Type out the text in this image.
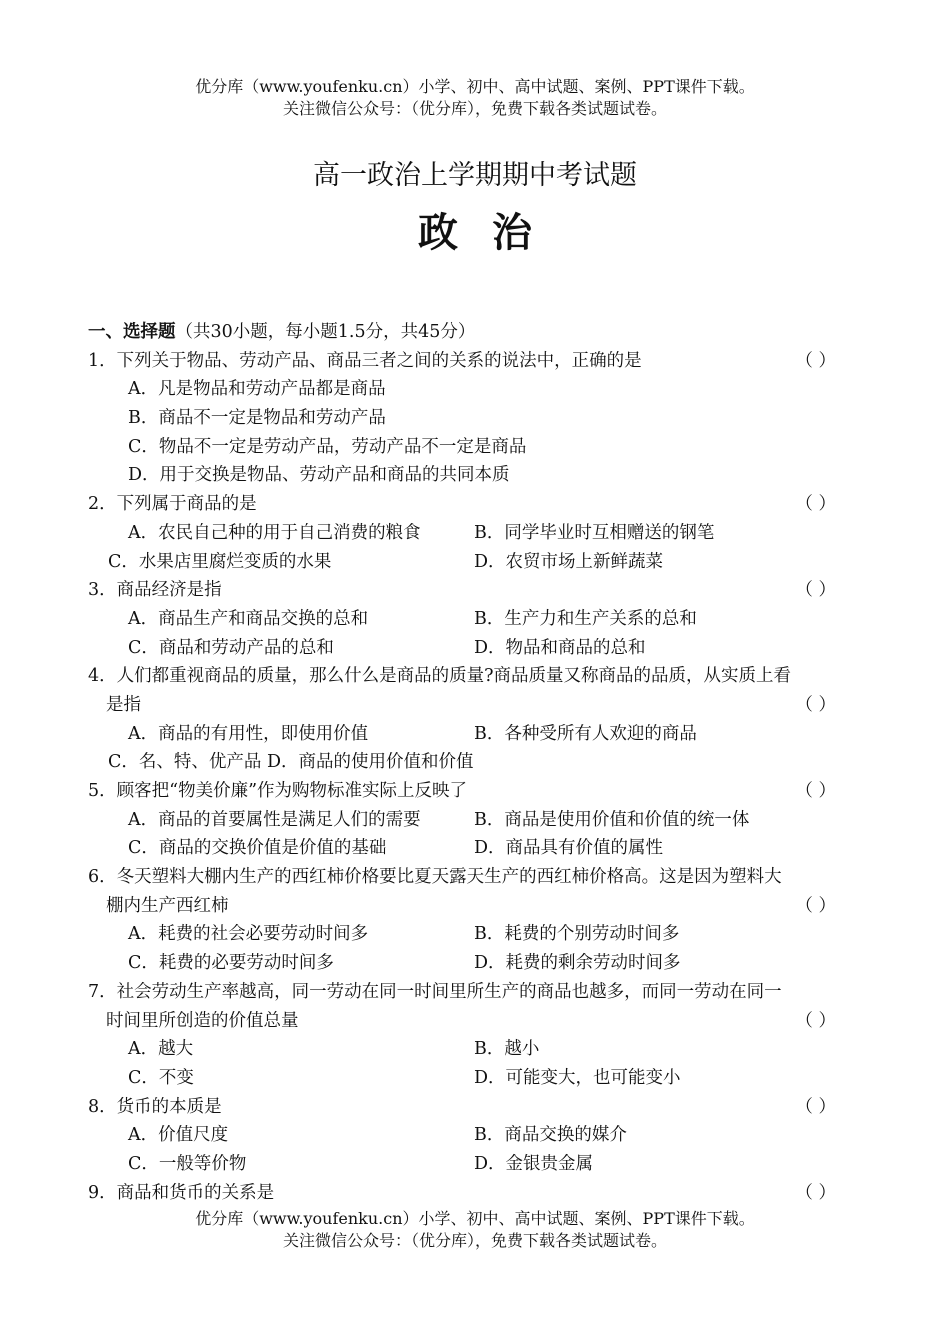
优分库（www.youfenku.cn）小学、初中、高中试题、案例、PPT课件下载。
关注微信公众号：（优分库），免费下载各类试题试卷。
高一政治上学期期中考试题
政治
一、选择题（共30小题，每小题1.5分，共45分）
1．下列关于物品、劳动产品、商品三者之间的关系的说法中，正确的是	（ ）
A．凡是物品和劳动产品都是商品
B．商品不一定是物品和劳动产品
C．物品不一定是劳动产品，劳动产品不一定是商品
D．用于交换是物品、劳动产品和商品的共同本质
2．下列属于商品的是	（ ）
A．农民自己种的用于自己消费的粮食	B．同学毕业时互相赠送的钢笔
C．水果店里腐烂变质的水果	D．农贸市场上新鲜蔬菜
3．商品经济是指	（ ）
A．商品生产和商品交换的总和	B．生产力和生产关系的总和
C．商品和劳动产品的总和	D．物品和商品的总和
4．人们都重视商品的质量，那么什么是商品的质量?商品质量又称商品的品质，从实质上看
是指	（ ）
A．商品的有用性，即使用价值	B．各种受所有人欢迎的商品
C．名、特、优产品 D．商品的使用价值和价值
5．顾客把“物美价廉”作为购物标准实际上反映了	（ ）
A．商品的首要属性是满足人们的需要	B．商品是使用价值和价值的统一体
C．商品的交换价值是价值的基础	D．商品具有价值的属性
6．冬天塑料大棚内生产的西红柿价格要比夏天露天生产的西红柿价格高。这是因为塑料大
棚内生产西红柿	（ ）
A．耗费的社会必要劳动时间多	B．耗费的个别劳动时间多
C．耗费的必要劳动时间多	D．耗费的剩余劳动时间多
7．社会劳动生产率越高，同一劳动在同一时间里所生产的商品也越多，而同一劳动在同一
时间里所创造的价值总量	（ ）
A．越大	B．越小
C．不变	D．可能变大，也可能变小
8．货币的本质是	（ ）
A．价值尺度	B．商品交换的媒介
C．一般等价物	D．金银贵金属
9．商品和货币的关系是	（ ）
优分库（www.youfenku.cn）小学、初中、高中试题、案例、PPT课件下载。
关注微信公众号：（优分库），免费下载各类试题试卷。
